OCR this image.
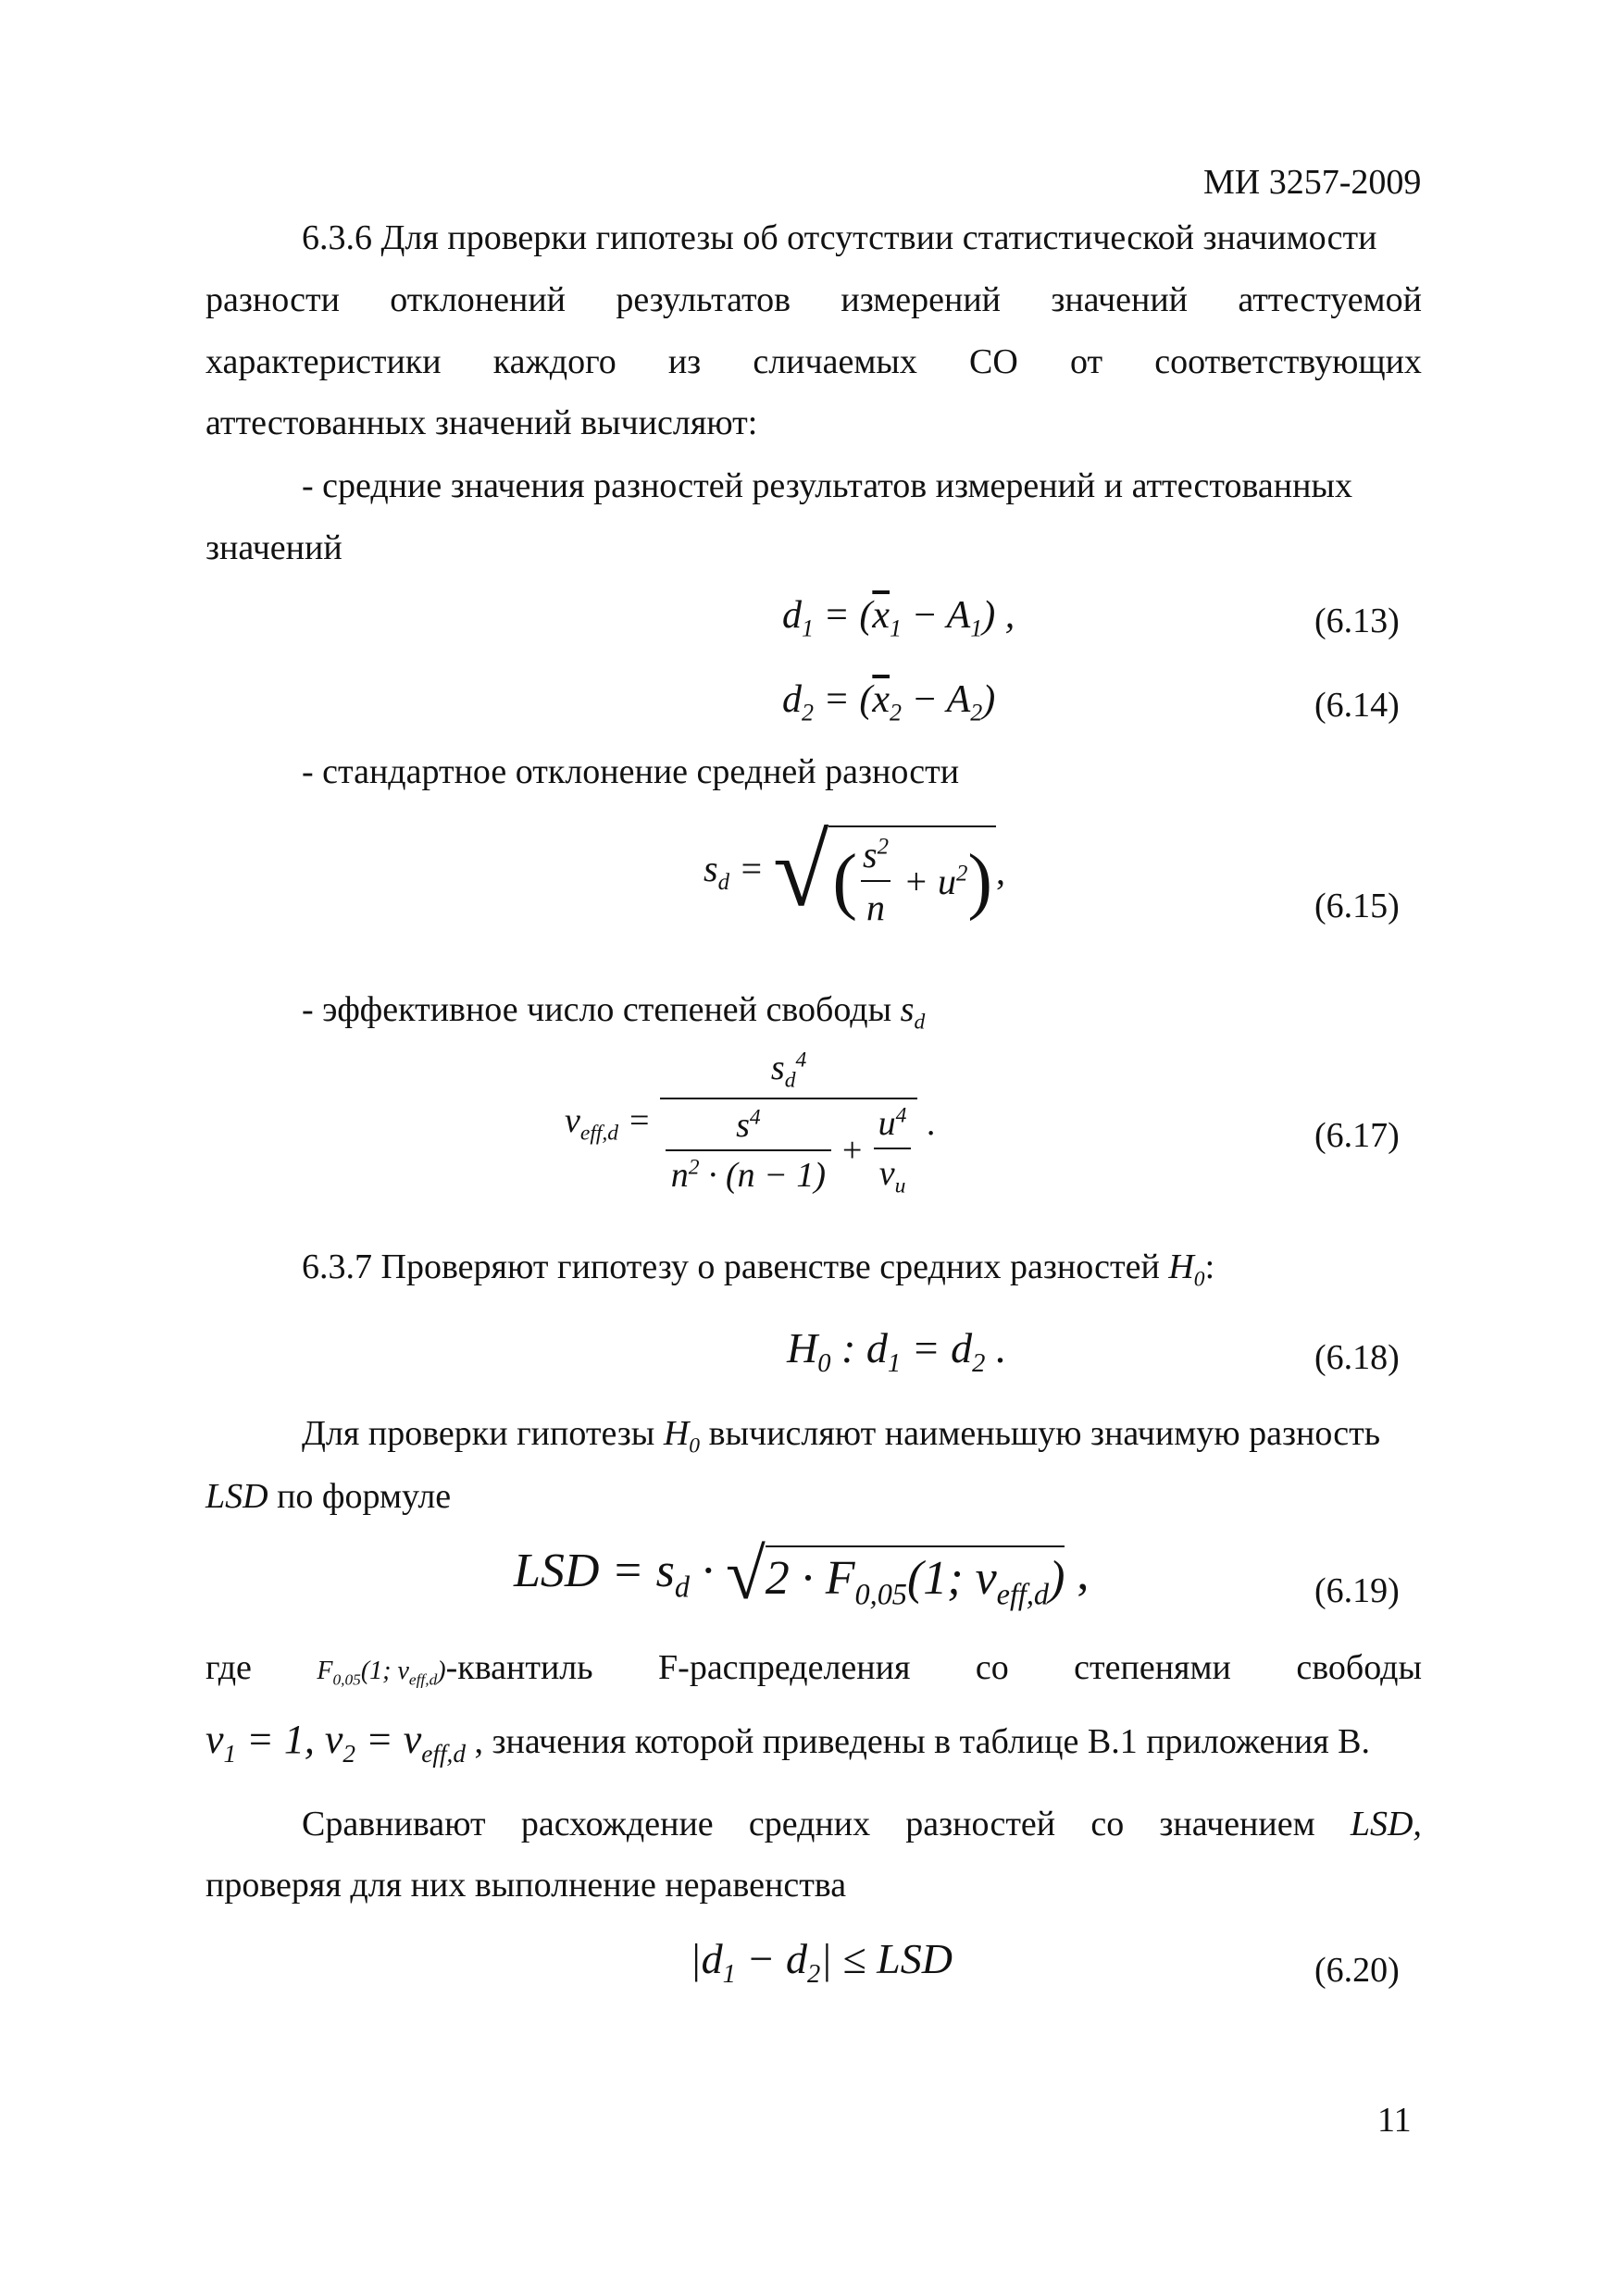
МИ 3257-2009
6.3.6 Для проверки гипотезы об отсутствии статистической значимости
разности отклонений результатов измерений значений аттестуемой
характеристики каждого из сличаемых СО от соответствующих
аттестованных значений вычисляют:
- средние значения разностей результатов измерений и аттестованных
значений
$d_1 = (\overline{x}_1 - A_1)$ ,	(6.13)
$d_2 = (\overline{x}_2 - A_2)$	(6.14)
- стандартное отклонение средней разности
$s_d$ = √ ( $\frac{s^2}{n} + u^2$ ) ,
(6.15)
- эффективное число степеней свободы $s_d$
$\nu_{eff,d} = \frac{s_d^4}{\frac{s^4}{n^2 \cdot (n - 1)} + \frac{u^4}{\nu_u}}$ .	(6.17)
6.3.7 Проверяют гипотезу о равенстве средних разностей $H_0$:
$H_0$ : $d_1 = d_2$ .	(6.18)
Для проверки гипотезы $H_0$ вычисляют наименьшую значимую разность
LSD по формуле
LSD = $s_d$ · √ $2 \cdot F_{0,05}(1$; $\nu_{eff,d}$) ,	(6.19)
где	$F_{0,05}(1$; $\nu_{eff,d}$)-квантиль F-распределения со степенями свободы
$\nu_1 = 1$, $\nu_2 = \nu_{eff,d}$ , значения которой приведены в таблице В.1 приложения В.
Сравнивают расхождение средних разностей со значением LSD,
проверяя для них выполнение неравенства
$|d_1 - d_2|$ ≤ LSD	(6.20)
11
